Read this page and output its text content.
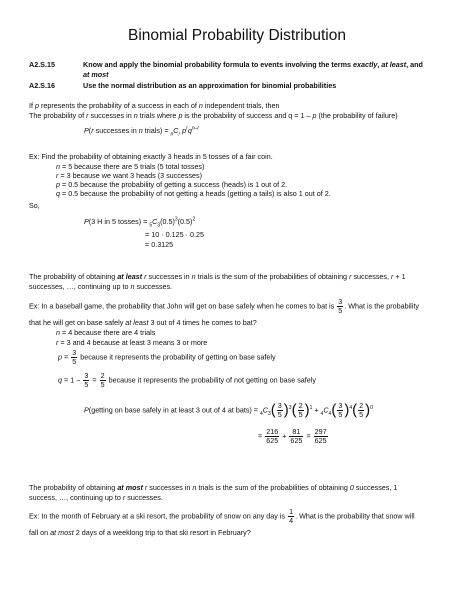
Binomial Probability Distribution
A2.S.15	Know and apply the binomial probability formula to events involving the terms exactly, at least, and
at most
A2.S.16	Use the normal distribution as an approximation for binomial probabilities
If p represents the probability of a success in each of n independent trials, then
The probability of r successes in n trials where p is the probability of success and q = 1 – p (the probability of failure)
P(r successes in n trials) = $_nC_r$ $p^rq^{n-r}$
Ex: Find the probability of obtaining exactly 3 heads in 5 tosses of a fair coin.
n = 5 because there are 5 trials (5 total tosses)
r = 3 because we want 3 heads (3 successes)
p = 0.5 because the probability of getting a success (heads) is 1 out of 2.
q = 0.5 because the probability of not getting a heads (getting a tails) is also 1 out of 2.
So,
P(3 H in 5 tosses) = $_5C_3(0.5)^3(0.5)^2$
= 10 · 0.125 · 0.25
= 0.3125
The probability of obtaining at least r successes in n trials is the sum of the probabilities of obtaining r successes, r + 1
successes, …, continuing up to n successes.
Ex: In a baseball game, the probability that John will get on base safely when he comes to bat is $\frac{3}{5}$ . What is the probability
that he will get on base safely at least 3 out of 4 times he comes to bat?
n = 4 because there are 4 trials
r = 3 and 4 because at least 3 means 3 or more
$p = \frac{3}{5}$ because it represents the probability of getting on base safely
$q = 1 - \frac{3}{5} = \frac{2}{5}$ because it represents the probability of not getting on base safely
P(getting on base safely in at least 3 out of 4 at bats) = $_4C_3( \frac{3}{5} )^3( \frac{2}{5} )^1 + _4C_4( \frac{3}{5} )^4( \frac{2}{5} )^0$
= $\frac{216}{625} + \frac{81}{625} = \frac{297}{625}$
The probability of obtaining at most r successes in n trials is the sum of the probabilities of obtaining 0 successes, 1
success, …, continuing up to r successes.
Ex: In the month of February at a ski resort, the probability of snow on any day is $\frac{1}{4}$ . What is the probability that snow will
fall on at most 2 days of a weeklong trip to that ski resort in February?
